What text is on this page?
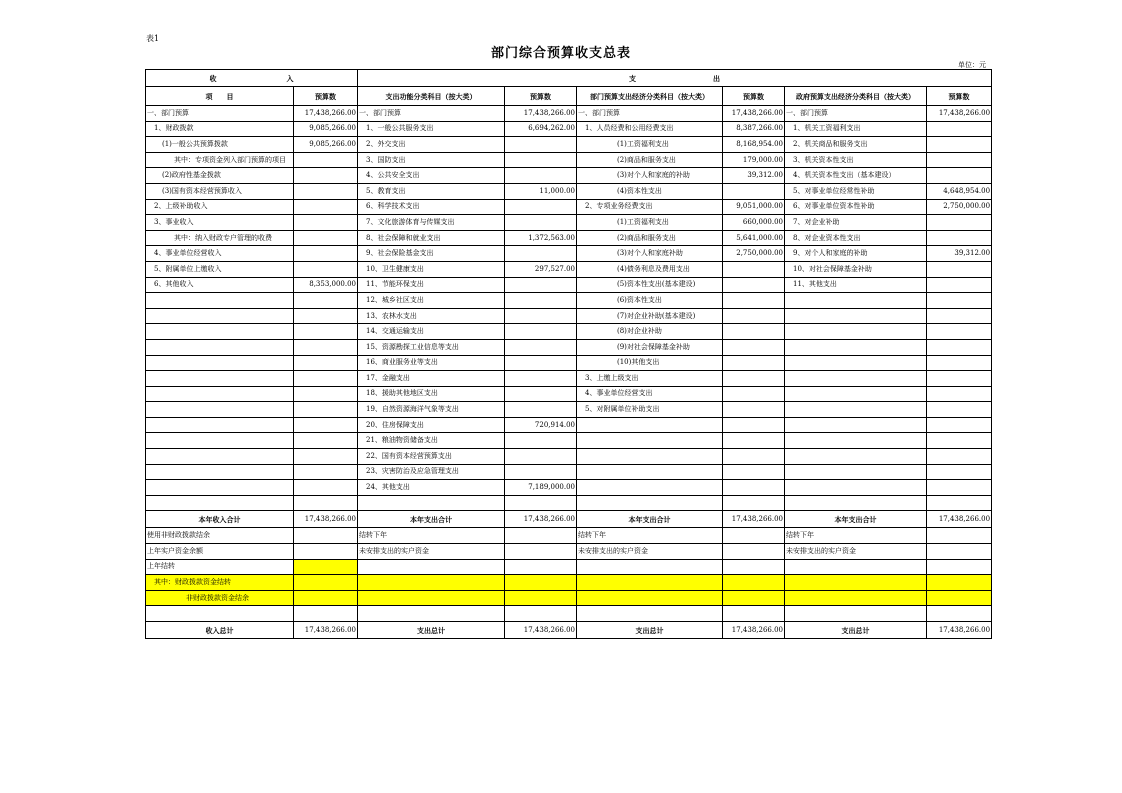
表1
部门综合预算收支总表
单位：元
收　　　　　　　　　　入		支　　　　　　　　　　　出					
项　　目	预算数	支出功能分类科目（按大类）	预算数	部门预算支出经济分类科目（按大类）	预算数	政府预算支出经济分类科目（按大类）	预算数
一、部门预算	17,438,266.00	一、部门预算	17,438,266.00	一、部门预算	17,438,266.00	一、部门预算	17,438,266.00
1、财政拨款	9,085,266.00	1、一般公共服务支出	6,694,262.00	1、人员经费和公用经费支出	8,387,266.00	1、机关工资福利支出	
(1)一般公共预算拨款	9,085,266.00	2、外交支出		(1)工资福利支出	8,168,954.00	2、机关商品和服务支出	
其中：专项资金列入部门预算的项目		3、国防支出		(2)商品和服务支出	179,000.00	3、机关资本性支出	
(2)政府性基金拨款		4、公共安全支出		(3)对个人和家庭的补助	39,312.00	4、机关资本性支出（基本建设）	
(3)国有资本经营预算收入		5、教育支出	11,000.00	(4)资本性支出		5、对事业单位经常性补助	4,648,954.00
2、上级补助收入		6、科学技术支出		2、专项业务经费支出	9,051,000.00	6、对事业单位资本性补助	2,750,000.00
3、事业收入		7、文化旅游体育与传媒支出		(1)工资福利支出	660,000.00	7、对企业补助	
其中：纳入财政专户管理的收费		8、社会保障和就业支出	1,372,563.00	(2)商品和服务支出	5,641,000.00	8、对企业资本性支出	
4、事业单位经营收入		9、社会保险基金支出		(3)对个人和家庭补助	2,750,000.00	9、对个人和家庭的补助	39,312.00
5、附属单位上缴收入		10、卫生健康支出	297,527.00	(4)债务利息及费用支出		10、对社会保障基金补助	
6、其他收入	8,353,000.00	11、节能环保支出		(5)资本性支出(基本建设)		11、其他支出	
		12、城乡社区支出		(6)资本性支出			
		13、农林水支出		(7)对企业补助(基本建设)			
		14、交通运输支出		(8)对企业补助			
		15、资源勘探工业信息等支出		(9)对社会保障基金补助			
		16、商业服务业等支出		(10)其他支出			
		17、金融支出		3、上缴上级支出			
		18、援助其他地区支出		4、事业单位经营支出			
		19、自然资源海洋气象等支出		5、对附属单位补助支出			
		20、住房保障支出	720,914.00				
		21、粮油物资储备支出					
		22、国有资本经营预算支出					
		23、灾害防治及应急管理支出					
		24、其他支出	7,189,000.00				

本年收入合计	17,438,266.00	本年支出合计	17,438,266.00	本年支出合计	17,438,266.00	本年支出合计	17,438,266.00
使用非财政拨款结余		结转下年		结转下年		结转下年	
上年实户资金余额		未安排支出的实户资金		未安排支出的实户资金		未安排支出的实户资金	
上年结转							
其中：财政拨款资金结转							
非财政拨款资金结余							

收入总计	17,438,266.00	支出总计	17,438,266.00	支出总计	17,438,266.00	支出总计	17,438,266.00
